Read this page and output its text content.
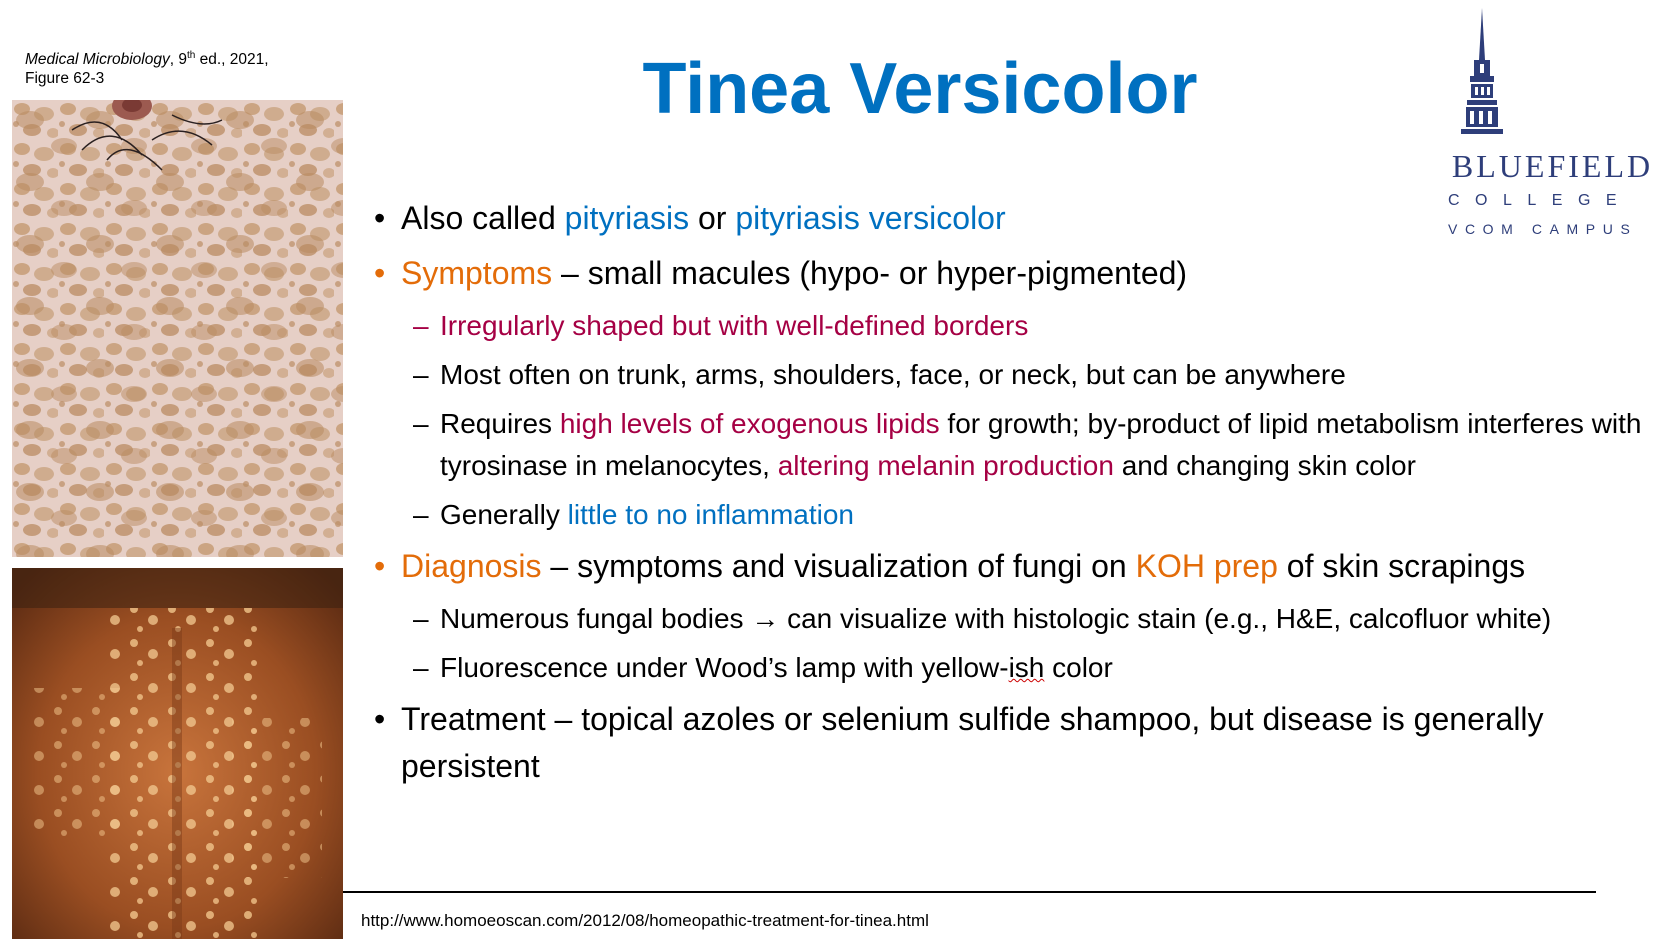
Medical Microbiology, 9th ed., 2021,
Figure 62-3	Tinea Versicolor
BLUEFIELD
COLLEGE
VCOM CAMPUS
• Also called pityriasis or pityriasis versicolor
• Symptoms – small macules (hypo- or hyper-pigmented)
– Irregularly shaped but with well-defined borders
– Most often on trunk, arms, shoulders, face, or neck, but can be anywhere
– Requires high levels of exogenous lipids for growth; by-product of lipid metabolism interferes with tyrosinase in melanocytes, altering melanin production and changing skin color
– Generally little to no inflammation
• Diagnosis – symptoms and visualization of fungi on KOH prep of skin scrapings
– Numerous fungal bodies → can visualize with histologic stain (e.g., H&E, calcofluor white)
– Fluorescence under Wood’s lamp with yellow-ish color
• Treatment – topical azoles or selenium sulfide shampoo, but disease is generally persistent
http://www.homoeoscan.com/2012/08/homeopathic-treatment-for-tinea.html
